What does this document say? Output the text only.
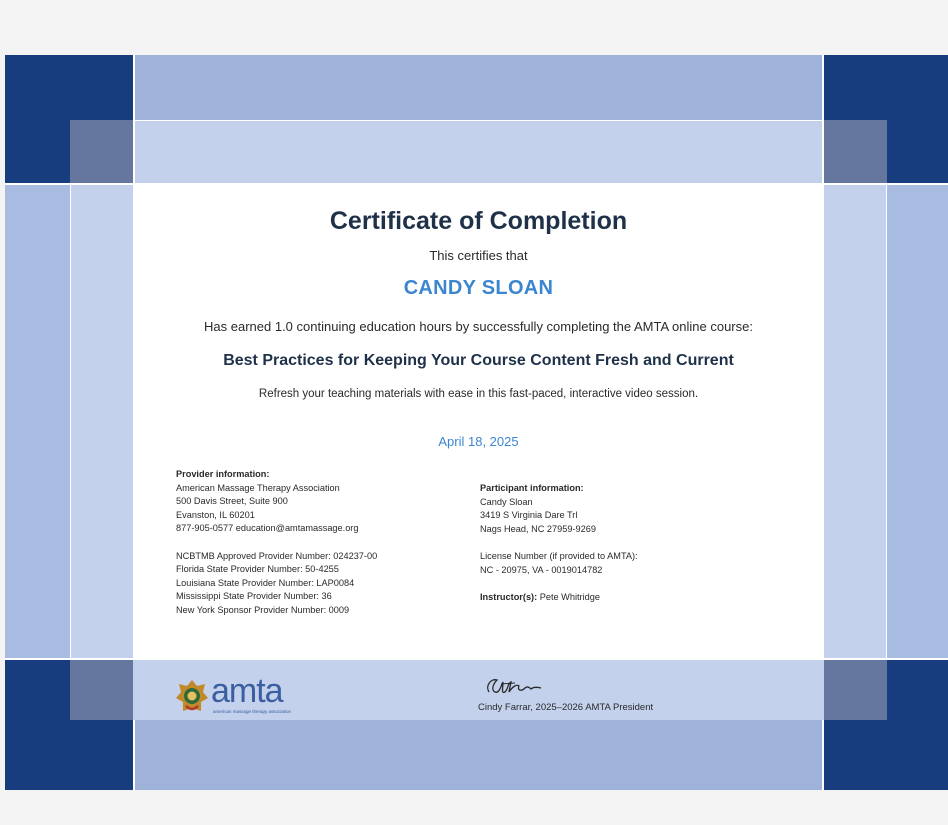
Certificate of Completion
This certifies that
CANDY SLOAN
Has earned 1.0 continuing education hours by successfully completing the AMTA online course:
Best Practices for Keeping Your Course Content Fresh and Current
Refresh your teaching materials with ease in this fast-paced, interactive video session.
April 18, 2025
Provider information:
American Massage Therapy Association
500 Davis Street, Suite 900
Evanston, IL 60201
877-905-0577 education@amtamassage.org
NCBTMB Approved Provider Number: 024237-00
Florida State Provider Number: 50-4255
Louisiana State Provider Number: LAP0084
Mississippi State Provider Number: 36
New York Sponsor Provider Number: 0009
Participant information:
Candy Sloan
3419 S Virginia Dare Trl
Nags Head, NC 27959-9269
License Number (if provided to AMTA):
NC - 20975, VA - 0019014782
Instructor(s): Pete Whitridge
amta
american massage therapy association	Cindy Farrar, 2025–2026 AMTA President
